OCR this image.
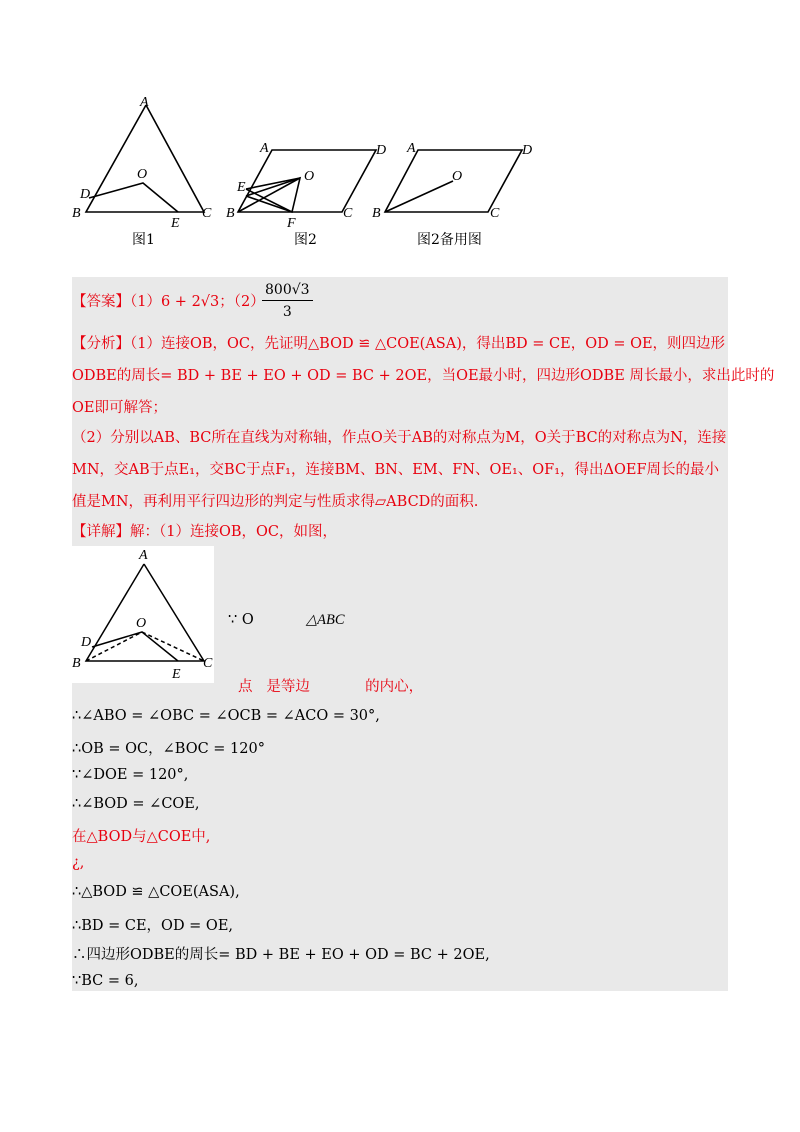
A
B	C
D
E
O
A	D
B	C
E
F
O
A	D
B	C
O
图1	图2	图2备用图
【答案】（1）6 + 2√3；（2）
$\frac{800√3}{3}$
【分析】（1）连接OB，OC，先证明△BOD ≌ △COE(ASA)，得出BD = CE，OD = OE，则四边形
ODBE的周长= BD + BE + EO + OD = BC + 2OE，当OE最小时，四边形ODBE 周长最小，求出此时的
OE即可解答；
（2）分别以AB、BC所在直线为对称轴，作点O关于AB的对称点为M，O关于BC的对称点为N，连接
MN，交AB于点E₁，交BC于点F₁，连接BM、BN、EM、FN、OE₁、OF₁，得出ΔOEF周长的最小
值是MN，再利用平行四边形的判定与性质求得▱ABCD的面积.
【详解】解：（1）连接OB，OC，如图，
A
B	C
D
E
O	∵ O	△ABC
点   是等边            的内心，
∴∠ABO = ∠OBC = ∠OCB = ∠ACO = 30°,
∴OB = OC，∠BOC = 120°
∵∠DOE = 120°,
∴∠BOD = ∠COE,
在△BOD与△COE中,
¿,
∴△BOD ≌ △COE(ASA),
∴BD = CE，OD = OE,
∴四边形ODBE的周长= BD + BE + EO + OD = BC + 2OE,
∵BC = 6,
